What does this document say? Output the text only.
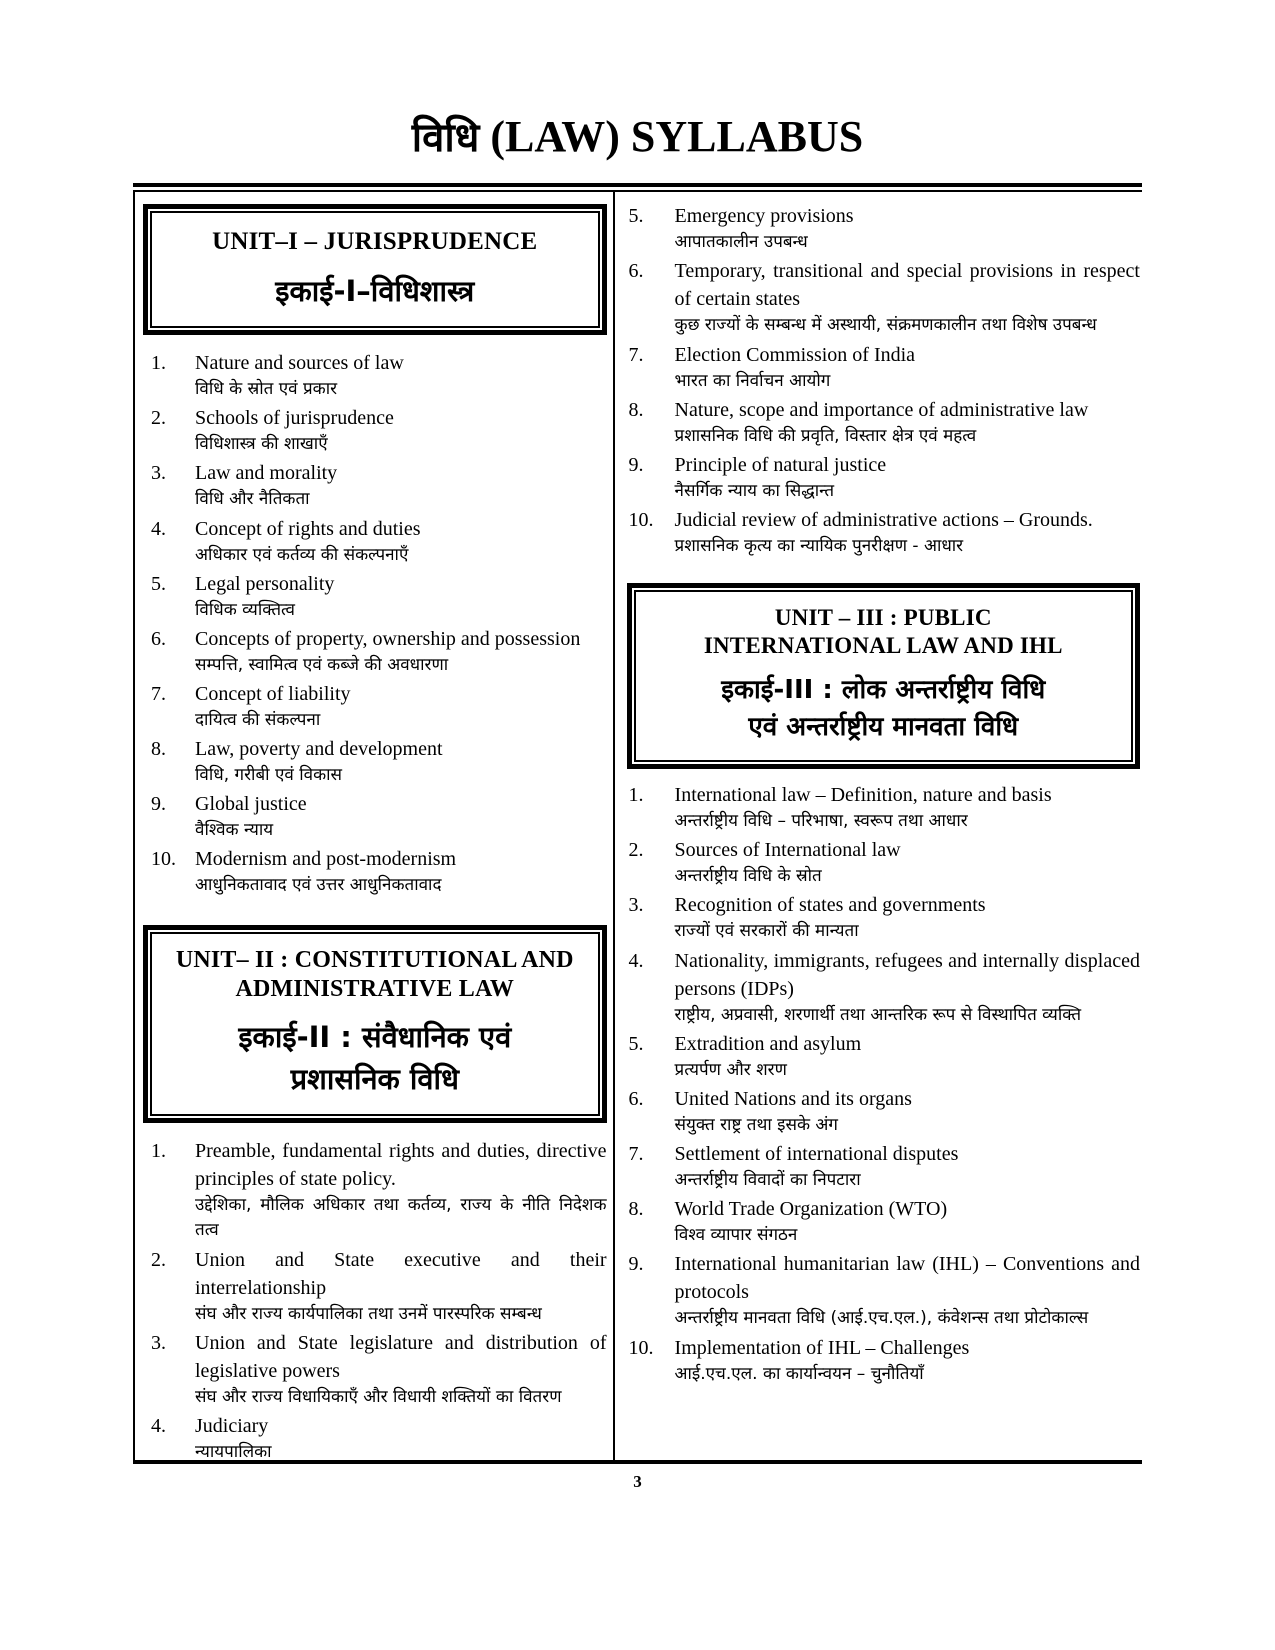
विधि (LAW) SYLLABUS
UNIT–I – JURISPRUDENCE
इकाई-I–विधिशास्त्र
1.	Nature and sources of law
विधि के स्रोत एवं प्रकार
2.	Schools of jurisprudence
विधिशास्त्र की शाखाएँ
3.	Law and morality
विधि और नैतिकता
4.	Concept of rights and duties
अधिकार एवं कर्तव्य की संकल्पनाएँ
5.	Legal personality
विधिक व्यक्तित्व
6.	Concepts of property, ownership and possession
सम्पत्ति, स्वामित्व एवं कब्जे की अवधारणा
7.	Concept of liability
दायित्व की संकल्पना
8.	Law, poverty and development
विधि, गरीबी एवं विकास
9.	Global justice
वैश्विक न्याय
10. Modernism and post-modernism
आधुनिकतावाद एवं उत्तर आधुनिकतावाद
UNIT– II : CONSTITUTIONAL AND ADMINISTRATIVE LAW
इकाई-II : संवैधानिक एवं
प्रशासनिक विधि
1.	Preamble, fundamental rights and duties, directive principles of state policy.
उद्देशिका, मौलिक अधिकार तथा कर्तव्य, राज्य के नीति निदेशक तत्व
2.	Union and State executive and their interrelationship
संघ और राज्य कार्यपालिका तथा उनमें पारस्परिक सम्बन्ध
3.	Union and State legislature and distribution of legislative powers
संघ और राज्य विधायिकाएँ और विधायी शक्तियों का वितरण
4.	Judiciary
न्यायपालिका
5.	Emergency provisions
आपातकालीन उपबन्ध
6.	Temporary, transitional and special provisions in respect of certain states
कुछ राज्यों के सम्बन्ध में अस्थायी, संक्रमणकालीन तथा विशेष उपबन्ध
7.	Election Commission of India
भारत का निर्वाचन आयोग
8.	Nature, scope and importance of administrative law
प्रशासनिक विधि की प्रवृति, विस्तार क्षेत्र एवं महत्व
9.	Principle of natural justice
नैसर्गिक न्याय का सिद्धान्त
10.	Judicial review of administrative actions – Grounds.
प्रशासनिक कृत्य का न्यायिक पुनरीक्षण - आधार
UNIT – III : PUBLIC
INTERNATIONAL LAW AND IHL
इकाई-III : लोक अन्तर्राष्ट्रीय विधि
एवं अन्तर्राष्ट्रीय मानवता विधि
1.	International law – Definition, nature and basis
अन्तर्राष्ट्रीय विधि – परिभाषा, स्वरूप तथा आधार
2.	Sources of International law
अन्तर्राष्ट्रीय विधि के स्रोत
3.	Recognition of states and governments
राज्यों एवं सरकारों की मान्यता
4.	Nationality, immigrants, refugees and internally displaced persons (IDPs)
राष्ट्रीय, अप्रवासी, शरणार्थी तथा आन्तरिक रूप से विस्थापित व्यक्ति
5.	Extradition and asylum
प्रत्यर्पण और शरण
6.	United Nations and its organs
संयुक्त राष्ट्र तथा इसके अंग
7.	Settlement of international disputes
अन्तर्राष्ट्रीय विवादों का निपटारा
8.	World Trade Organization (WTO)
विश्व व्यापार संगठन
9.	International humanitarian law (IHL) – Conventions and protocols
अन्तर्राष्ट्रीय मानवता विधि (आई.एच.एल.), कंवेशन्स तथा प्रोटोकाल्स
10.	Implementation of IHL – Challenges
आई.एच.एल. का कार्यान्वयन – चुनौतियाँ
3
